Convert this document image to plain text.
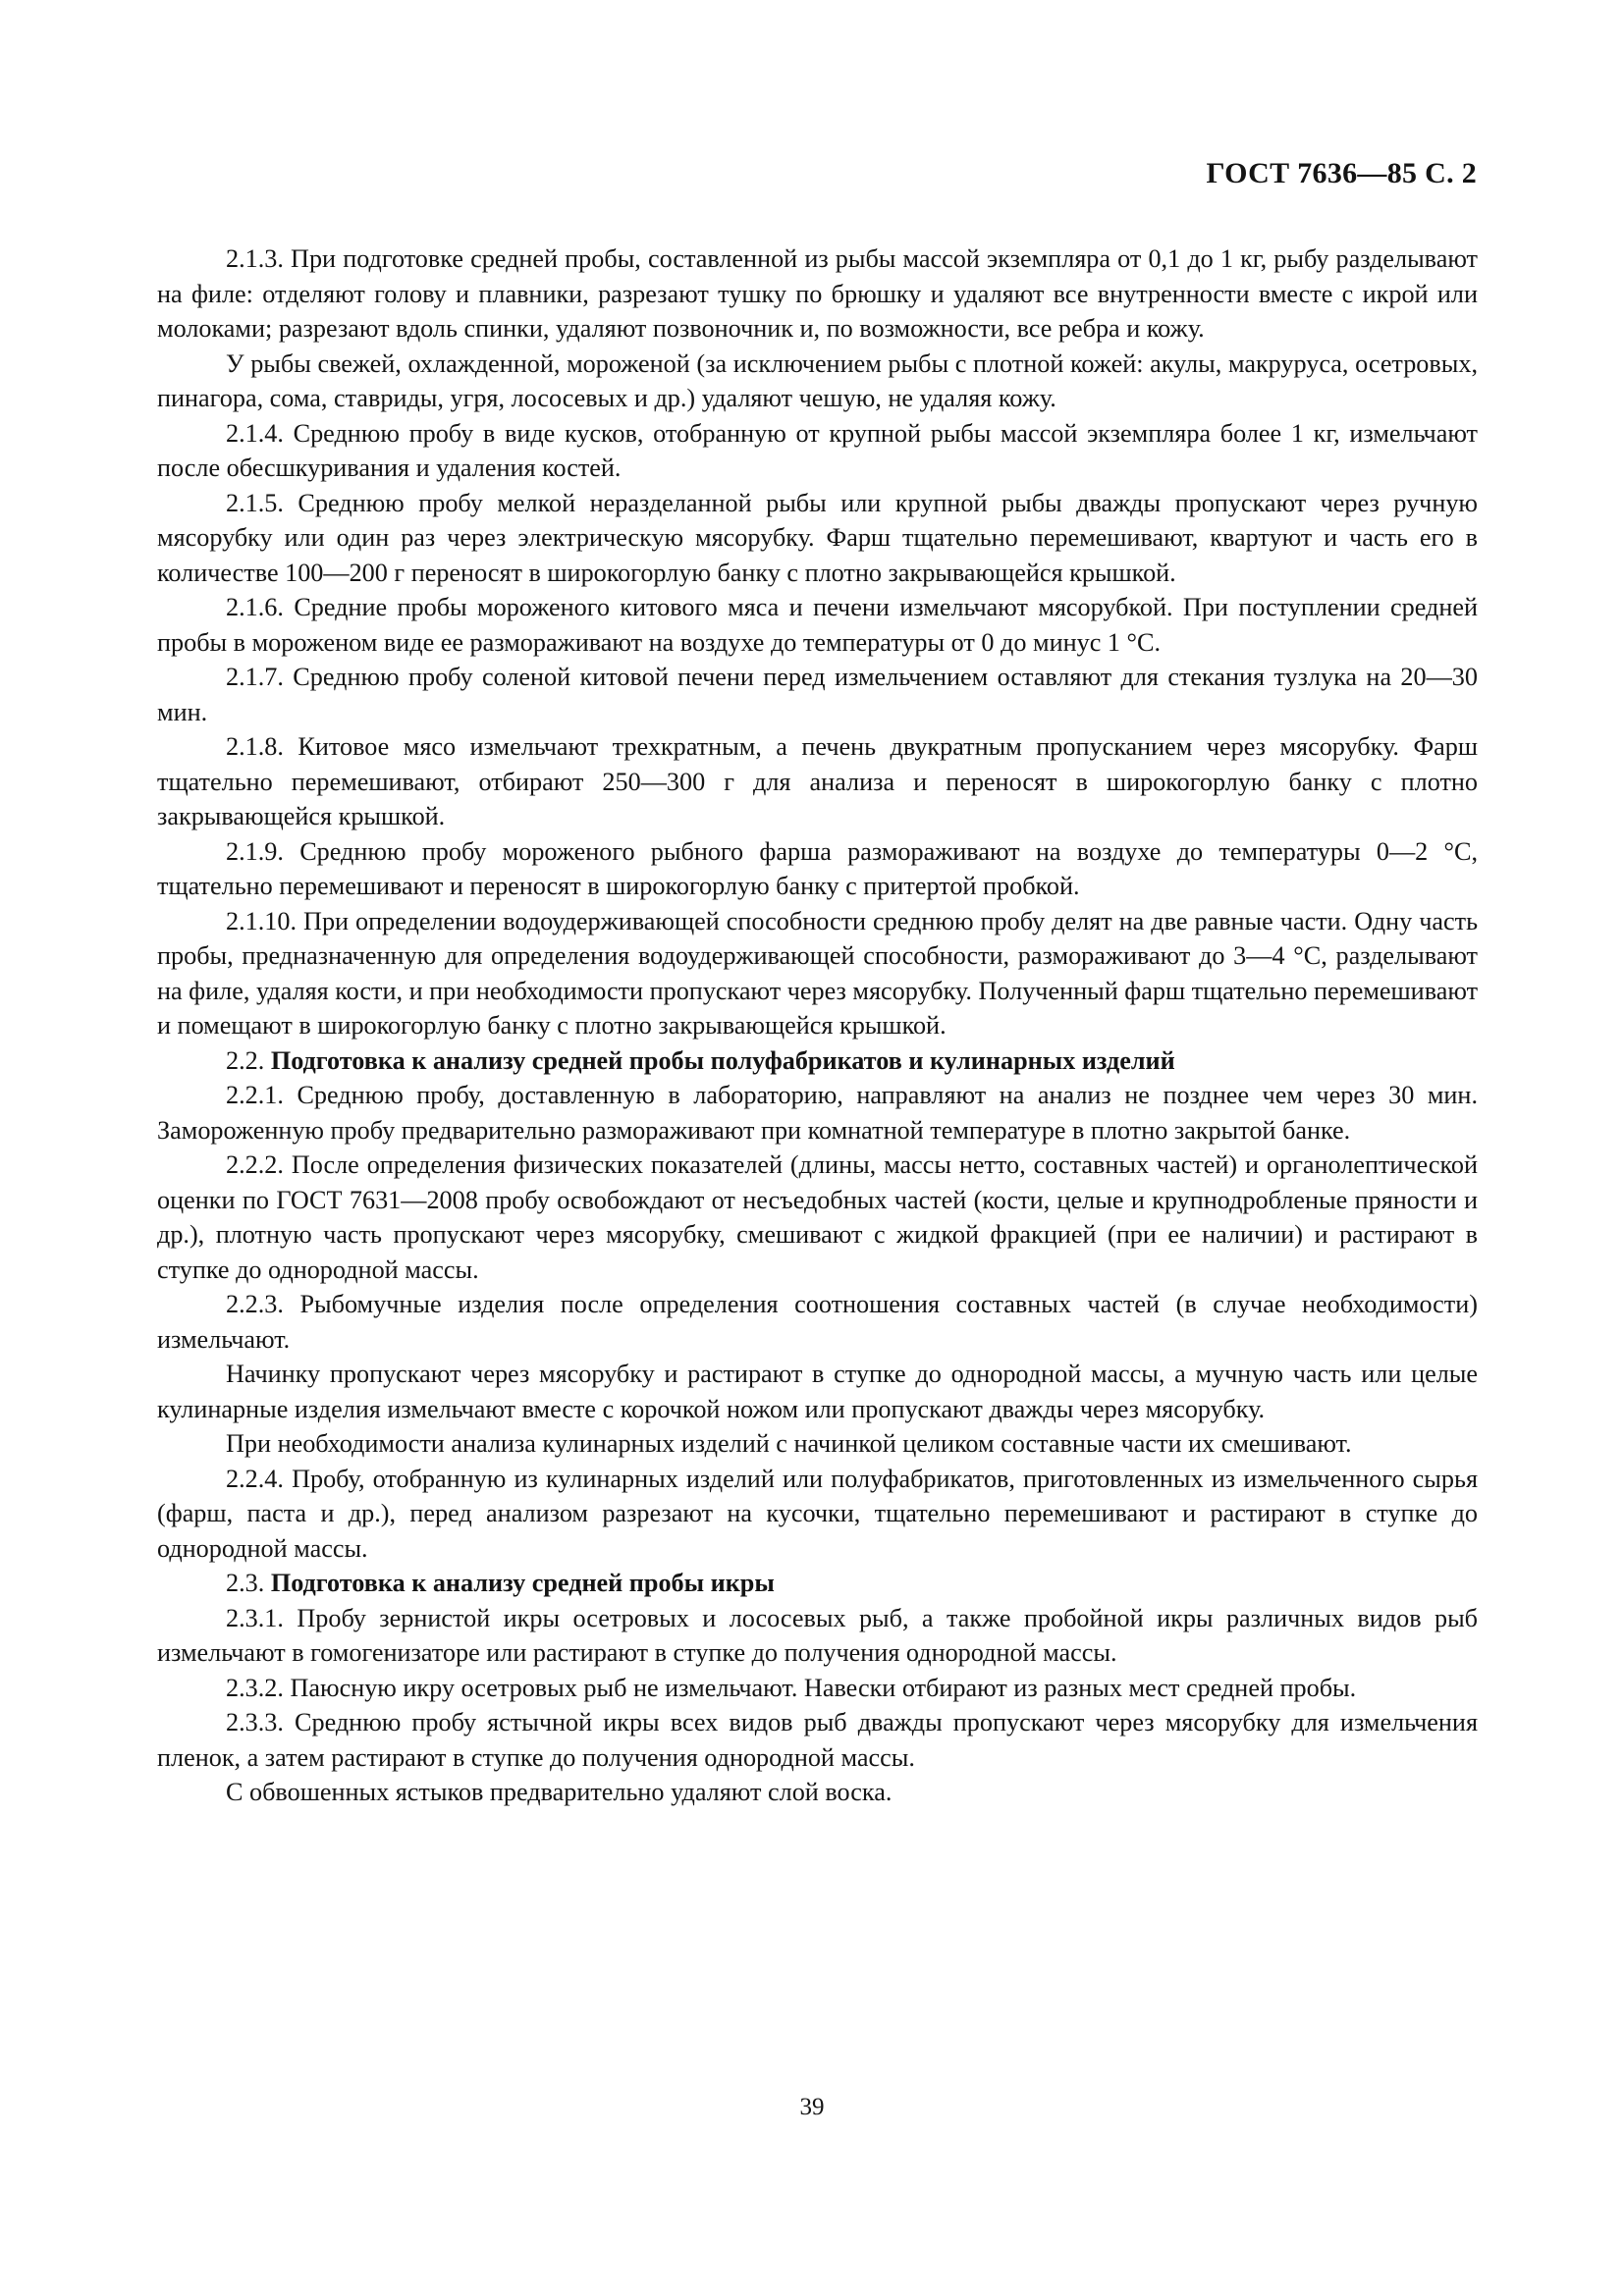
ГОСТ 7636—85 С. 2

2.1.3. При подготовке средней пробы, составленной из рыбы массой экземпляра от 0,1 до 1 кг, рыбу разделывают на филе: отделяют голову и плавники, разрезают тушку по брюшку и удаляют все внутренности вместе с икрой или молоками; разрезают вдоль спинки, удаляют позвоночник и, по возможности, все ребра и кожу.

У рыбы свежей, охлажденной, мороженой (за исключением рыбы с плотной кожей: акулы, макруруса, осетровых, пинагора, сома, ставриды, угря, лососевых и др.) удаляют чешую, не удаляя кожу.

2.1.4. Среднюю пробу в виде кусков, отобранную от крупной рыбы массой экземпляра более 1 кг, измельчают после обесшкуривания и удаления костей.

2.1.5. Среднюю пробу мелкой неразделанной рыбы или крупной рыбы дважды пропускают через ручную мясорубку или один раз через электрическую мясорубку. Фарш тщательно перемешивают, квартуют и часть его в количестве 100—200 г переносят в широкогорлую банку с плотно закрывающейся крышкой.

2.1.6. Средние пробы мороженого китового мяса и печени измельчают мясорубкой. При поступлении средней пробы в мороженом виде ее размораживают на воздухе до температуры от 0 до минус 1 °С.

2.1.7. Среднюю пробу соленой китовой печени перед измельчением оставляют для стекания тузлука на 20—30 мин.

2.1.8. Китовое мясо измельчают трехкратным, а печень двукратным пропусканием через мясорубку. Фарш тщательно перемешивают, отбирают 250—300 г для анализа и переносят в широкогорлую банку с плотно закрывающейся крышкой.

2.1.9. Среднюю пробу мороженого рыбного фарша размораживают на воздухе до температуры 0—2 °С, тщательно перемешивают и переносят в широкогорлую банку с притертой пробкой.

2.1.10. При определении водоудерживающей способности среднюю пробу делят на две равные части. Одну часть пробы, предназначенную для определения водоудерживающей способности, размораживают до 3—4 °С, разделывают на филе, удаляя кости, и при необходимости пропускают через мясорубку. Полученный фарш тщательно перемешивают и помещают в широкогорлую банку с плотно закрывающейся крышкой.

2.2. Подготовка к анализу средней пробы полуфабрикатов и кулинарных изделий

2.2.1. Среднюю пробу, доставленную в лабораторию, направляют на анализ не позднее чем через 30 мин. Замороженную пробу предварительно размораживают при комнатной температуре в плотно закрытой банке.

2.2.2. После определения физических показателей (длины, массы нетто, составных частей) и органолептической оценки по ГОСТ 7631—2008 пробу освобождают от несъедобных частей (кости, целые и крупнодробленые пряности и др.), плотную часть пропускают через мясорубку, смешивают с жидкой фракцией (при ее наличии) и растирают в ступке до однородной массы.

2.2.3. Рыбомучные изделия после определения соотношения составных частей (в случае необходимости) измельчают.

Начинку пропускают через мясорубку и растирают в ступке до однородной массы, а мучную часть или целые кулинарные изделия измельчают вместе с корочкой ножом или пропускают дважды через мясорубку.

При необходимости анализа кулинарных изделий с начинкой целиком составные части их смешивают.

2.2.4. Пробу, отобранную из кулинарных изделий или полуфабрикатов, приготовленных из измельченного сырья (фарш, паста и др.), перед анализом разрезают на кусочки, тщательно перемешивают и растирают в ступке до однородной массы.

2.3. Подготовка к анализу средней пробы икры

2.3.1. Пробу зернистой икры осетровых и лососевых рыб, а также пробойной икры различных видов рыб измельчают в гомогенизаторе или растирают в ступке до получения однородной массы.

2.3.2. Паюсную икру осетровых рыб не измельчают. Навески отбирают из разных мест средней пробы.

2.3.3. Среднюю пробу ястычной икры всех видов рыб дважды пропускают через мясорубку для измельчения пленок, а затем растирают в ступке до получения однородной массы.

С обвошенных ястыков предварительно удаляют слой воска.

39
